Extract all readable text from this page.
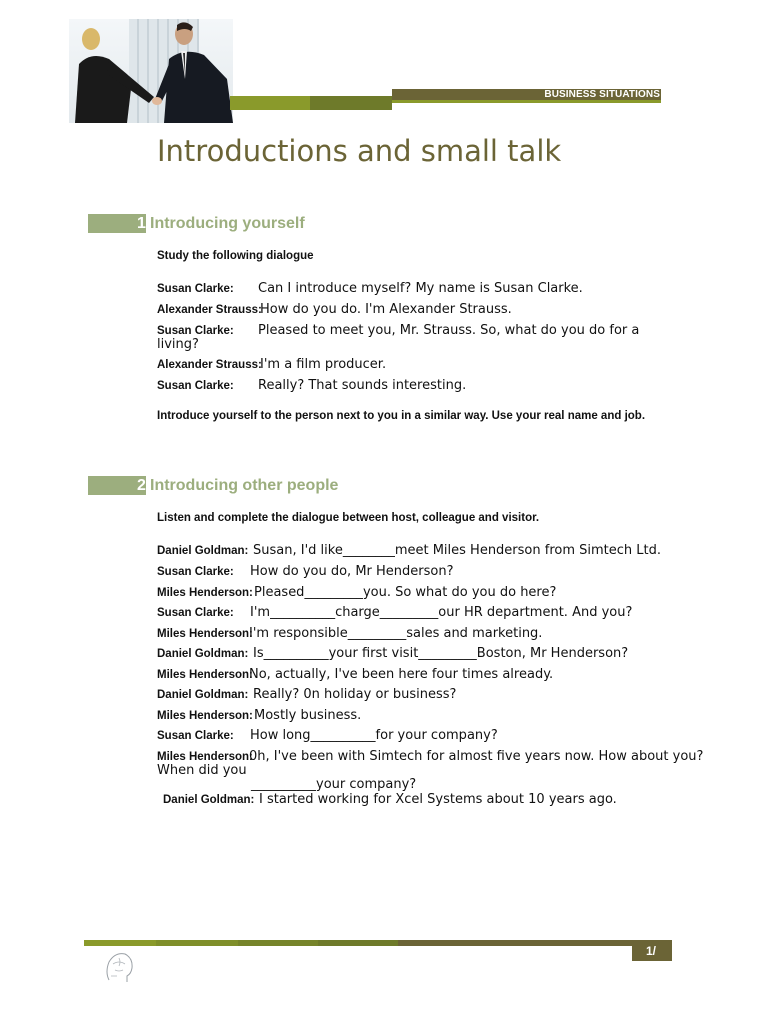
BUSINESS SITUATIONS
Introductions and small talk
1 Introducing yourself
Study the following dialogue
Susan Clarke: Can I introduce myself? My name is Susan Clarke.
Alexander Strauss:How do you do. I'm Alexander Strauss.
Susan Clarke: Pleased to meet you, Mr. Strauss. So, what do you do for a
living?
Alexander Strauss:I'm a film producer.
Susan Clarke: Really? That sounds interesting.
Introduce yourself to the person next to you in a similar way. Use your real name and job.
2 Introducing other people
Listen and complete the dialogue between host, colleague and visitor.
Daniel Goldman: Susan, I'd like________meet Miles Henderson from Simtech Ltd.
Susan Clarke: How do you do, Mr Henderson?
Miles Henderson:Pleased_________you. So what do you do here?
Susan Clarke: I'm__________charge_________our HR department. And you?
Miles Henderson:I'm responsible_________sales and marketing.
Daniel Goldman: Is__________your first visit_________Boston, Mr Henderson?
Miles Henderson:No, actually, I've been here four times already.
Daniel Goldman: Really? 0n holiday or business?
Miles Henderson:Mostly business.
Susan Clarke: How long__________for your company?
Miles Henderson:0h, I've been with Simtech for almost five years now. How about you?
When did you
__________your company?
Daniel Goldman: I started working for Xcel Systems about 10 years ago.
1/
